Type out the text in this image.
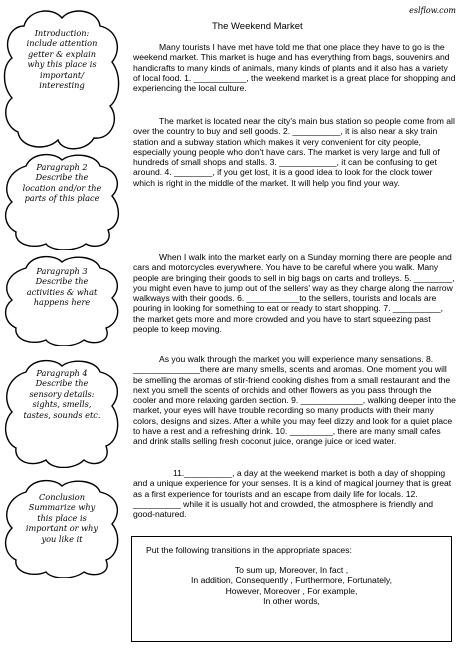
eslflow.com
The Weekend Market
Introduction: include attention getter & explain why this place is important/ interesting
Paragraph 2 Describe the location and/or the parts of this place
Paragraph 3 Describe the activities & what happens here
Paragraph 4 Describe the sensory details: sights, smells, tastes, sounds etc.
Conclusion Summarize why this place is important or why you like it

Many tourists I have met have told me that one place they have to go is the weekend market. This market is huge and has everything from bags, souvenirs and handicrafts to many kinds of animals, many kinds of plants and it also has a variety of local food. 1. ___________, the weekend market is a great place for shopping and experiencing the local culture.

The market is located near the city's main bus station so people come from all over the country to buy and sell goods. 2. __________, it is also near a sky train station and a subway station which makes it very convenient for city people, especially young people who don't have cars. The market is very large and full of hundreds of small shops and stalls. 3. ____________, it can be confusing to get around. 4. ________, if you get lost, it is a good idea to look for the clock tower which is right in the middle of the market. It will help you find your way.

When I walk into the market early on a Sunday morning there are people and cars and motorcycles everywhere. You have to be careful where you walk. Many people are bringing their goods to sell in big bags on carts and trolleys. 5. ________, you might even have to jump out of the sellers' way as they charge along the narrow walkways with their goods. 6. ___________to the sellers, tourists and locals are pouring in looking for something to eat or ready to start shopping. 7. __________, the market gets more and more crowded and you have to start squeezing past people to keep moving.

As you walk through the market you will experience many sensations. 8. ______________there are many smells, scents and aromas. One moment you will be smelling the aromas of stir-friend cooking dishes from a small restaurant and the next you smell the scents of orchids and other flowers as you pass through the cooler and more relaxing garden section. 9. _____________, walking deeper into the market, your eyes will have trouble recording so many products with their many colors, designs and sizes. After a while you may feel dizzy and look for a quiet place to have a rest and a refreshing drink. 10. _________, there are many small cafes and drink stalls selling fresh coconut juice, orange juice or iced water.

11.__________, a day at the weekend market is both a day of shopping and a unique experience for your senses. It is a kind of magical journey that is great as a first experience for tourists and an escape from daily life for locals. 12. __________ while it is usually hot and crowded, the atmosphere is friendly and good-natured.

Put the following transitions in the appropriate spaces:
To sum up, Moreover, In fact ,
In addition, Consequently , Furthermore, Fortunately,
However, Moreover , For example,
In other words,
